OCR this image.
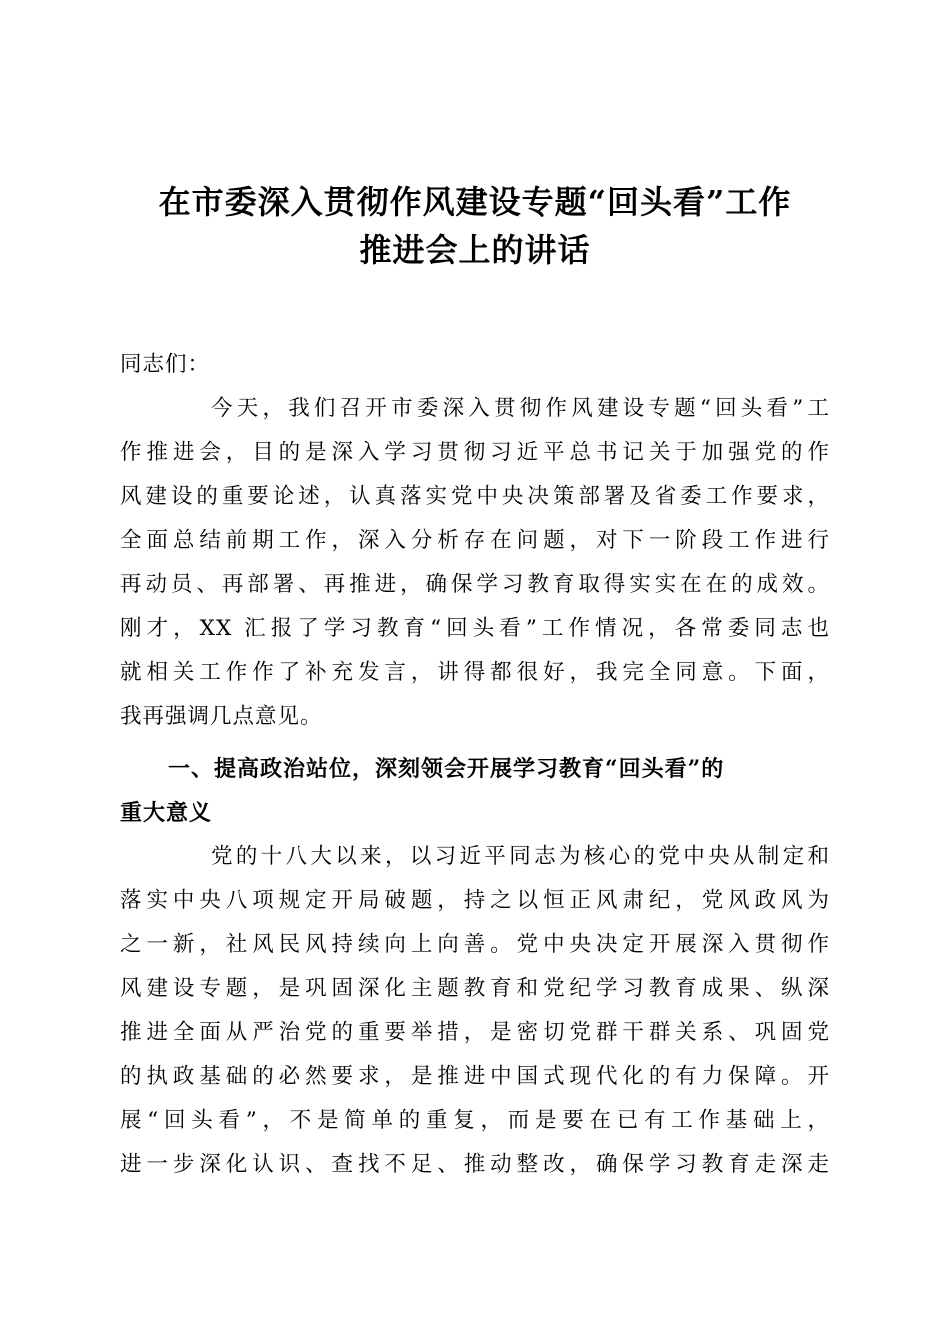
在市委深入贯彻作风建设专题“回头看”工作
推进会上的讲话

同志们：

今天，我们召开市委深入贯彻作风建设专题“回头看”工
作推进会，目的是深入学习贯彻习近平总书记关于加强党的作
风建设的重要论述，认真落实党中央决策部署及省委工作要求，
全面总结前期工作，深入分析存在问题，对下一阶段工作进行
再动员、再部署、再推进，确保学习教育取得实实在在的成效。
刚才，XX 汇报了学习教育“回头看”工作情况，各常委同志也
就相关工作作了补充发言，讲得都很好，我完全同意。下面，
我再强调几点意见。
一、提高政治站位，深刻领会开展学习教育“回头看”的
重大意义
党的十八大以来，以习近平同志为核心的党中央从制定和
落实中央八项规定开局破题，持之以恒正风肃纪，党风政风为
之一新，社风民风持续向上向善。党中央决定开展深入贯彻作
风建设专题，是巩固深化主题教育和党纪学习教育成果、纵深
推进全面从严治党的重要举措，是密切党群干群关系、巩固党
的执政基础的必然要求，是推进中国式现代化的有力保障。开
展“回头看”，不是简单的重复，而是要在已有工作基础上，
进一步深化认识、查找不足、推动整改，确保学习教育走深走
